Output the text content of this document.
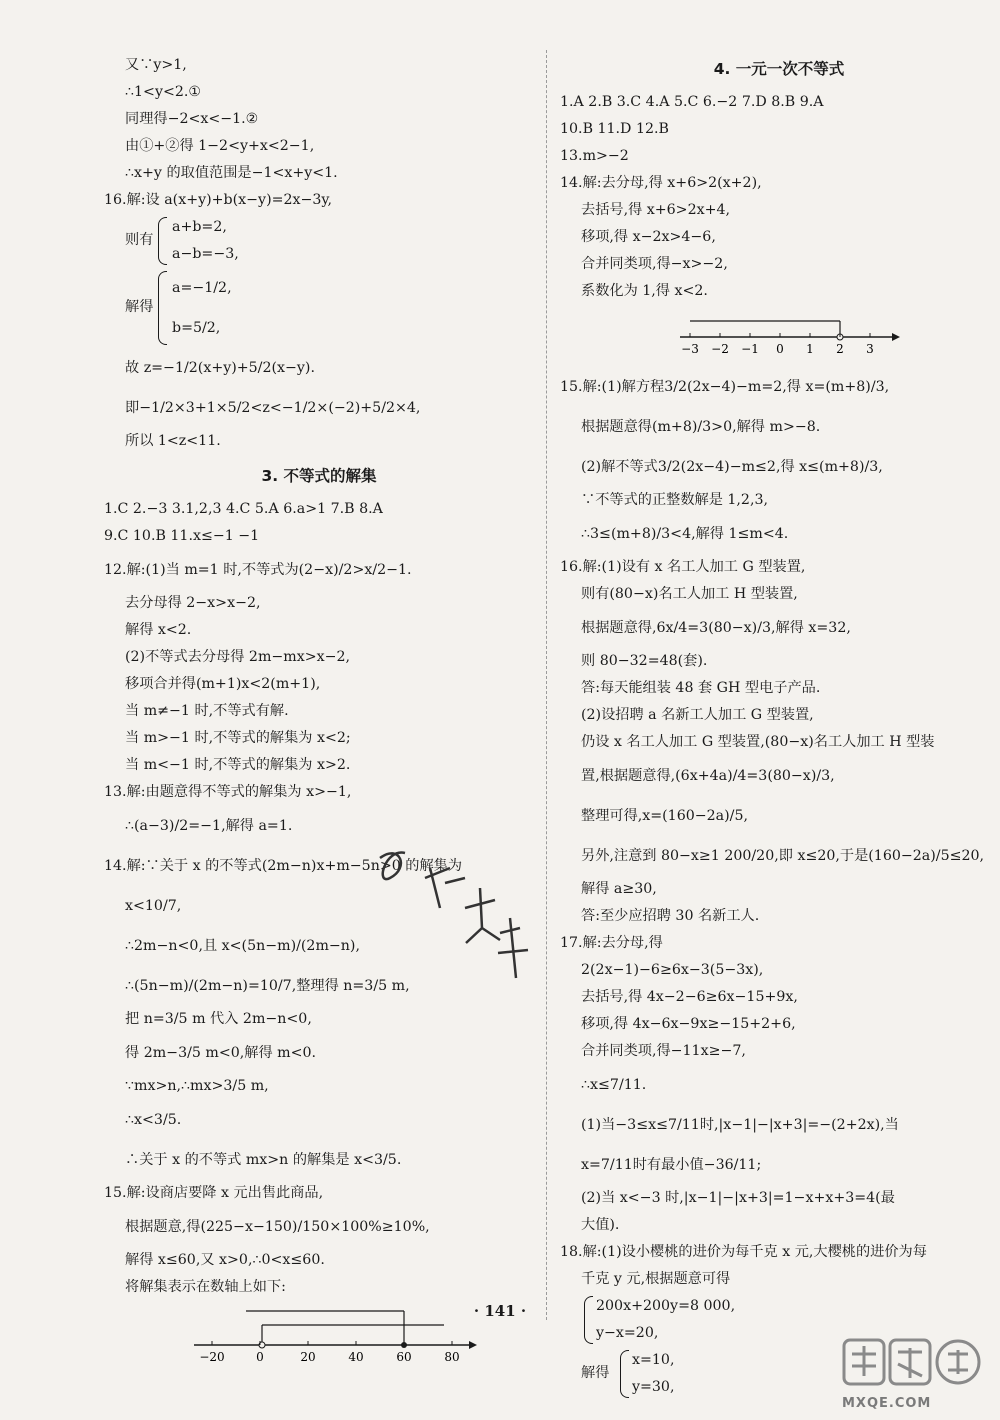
又∵y>1,
∴1<y<2.①
同理得−2<x<−1.②
由①+②得 1−2<y+x<2−1,
∴x+y 的取值范围是−1<x+y<1.
16.解:设 a(x+y)+b(x−y)=2x−3y,
则有
a+b=2,
a−b=−3,
解得
a=−1/2,
b=5/2,
故 z=−1/2(x+y)+5/2(x−y).
即−1/2×3+1×5/2<z<−1/2×(−2)+5/2×4,
所以 1<z<11.
3. 不等式的解集
1.C 2.−3 3.1,2,3 4.C 5.A 6.a>1 7.B 8.A
9.C 10.B 11.x≤−1 −1
12.解:(1)当 m=1 时,不等式为(2−x)/2>x/2−1.
去分母得 2−x>x−2,
解得 x<2.
(2)不等式去分母得 2m−mx>x−2,
移项合并得(m+1)x<2(m+1),
当 m≠−1 时,不等式有解.
当 m>−1 时,不等式的解集为 x<2;
当 m<−1 时,不等式的解集为 x>2.
13.解:由题意得不等式的解集为 x>−1,
∴(a−3)/2=−1,解得 a=1.
14.解:∵关于 x 的不等式(2m−n)x+m−5n>0 的解集为
x<10/7,
∴2m−n<0,且 x<(5n−m)/(2m−n),
∴(5n−m)/(2m−n)=10/7,整理得 n=3/5 m,
把 n=3/5 m 代入 2m−n<0,
得 2m−3/5 m<0,解得 m<0.
∵mx>n,∴mx>3/5 m,
∴x<3/5.
∴关于 x 的不等式 mx>n 的解集是 x<3/5.
15.解:设商店要降 x 元出售此商品,
根据题意,得(225−x−150)/150×100%≥10%,
解得 x≤60,又 x>0,∴0<x≤60.
将解集表示在数轴上如下:
−20	0	20	40	60	80
4. 一元一次不等式
1.A 2.B 3.C 4.A 5.C 6.−2 7.D 8.B 9.A
10.B 11.D 12.B
13.m>−2
14.解:去分母,得 x+6>2(x+2),
去括号,得 x+6>2x+4,
移项,得 x−2x>4−6,
合并同类项,得−x>−2,
系数化为 1,得 x<2.
−3 −2 −1 0 1 2 3
15.解:(1)解方程3/2(2x−4)−m=2,得 x=(m+8)/3,
根据题意得(m+8)/3>0,解得 m>−8.
(2)解不等式3/2(2x−4)−m≤2,得 x≤(m+8)/3,
∵不等式的正整数解是 1,2,3,
∴3≤(m+8)/3<4,解得 1≤m<4.
16.解:(1)设有 x 名工人加工 G 型装置,
则有(80−x)名工人加工 H 型装置,
根据题意得,6x/4=3(80−x)/3,解得 x=32,
则 80−32=48(套).
答:每天能组装 48 套 GH 型电子产品.
(2)设招聘 a 名新工人加工 G 型装置,
仍设 x 名工人加工 G 型装置,(80−x)名工人加工 H 型装
置,根据题意得,(6x+4a)/4=3(80−x)/3,
整理可得,x=(160−2a)/5,
另外,注意到 80−x≥1 200/20,即 x≤20,于是(160−2a)/5≤20,
解得 a≥30,
答:至少应招聘 30 名新工人.
17.解:去分母,得
2(2x−1)−6≥6x−3(5−3x),
去括号,得 4x−2−6≥6x−15+9x,
移项,得 4x−6x−9x≥−15+2+6,
合并同类项,得−11x≥−7,
∴x≤7/11.
(1)当−3≤x≤7/11时,|x−1|−|x+3|=−(2+2x),当
x=7/11时有最小值−36/11;
(2)当 x<−3 时,|x−1|−|x+3|=1−x+x+3=4(最
大值).
18.解:(1)设小樱桃的进价为每千克 x 元,大樱桃的进价为每
千克 y 元,根据题意可得
200x+200y=8 000,
y−x=20,
解得
x=10,
y=30,
· 141 ·
MXQE.COM
